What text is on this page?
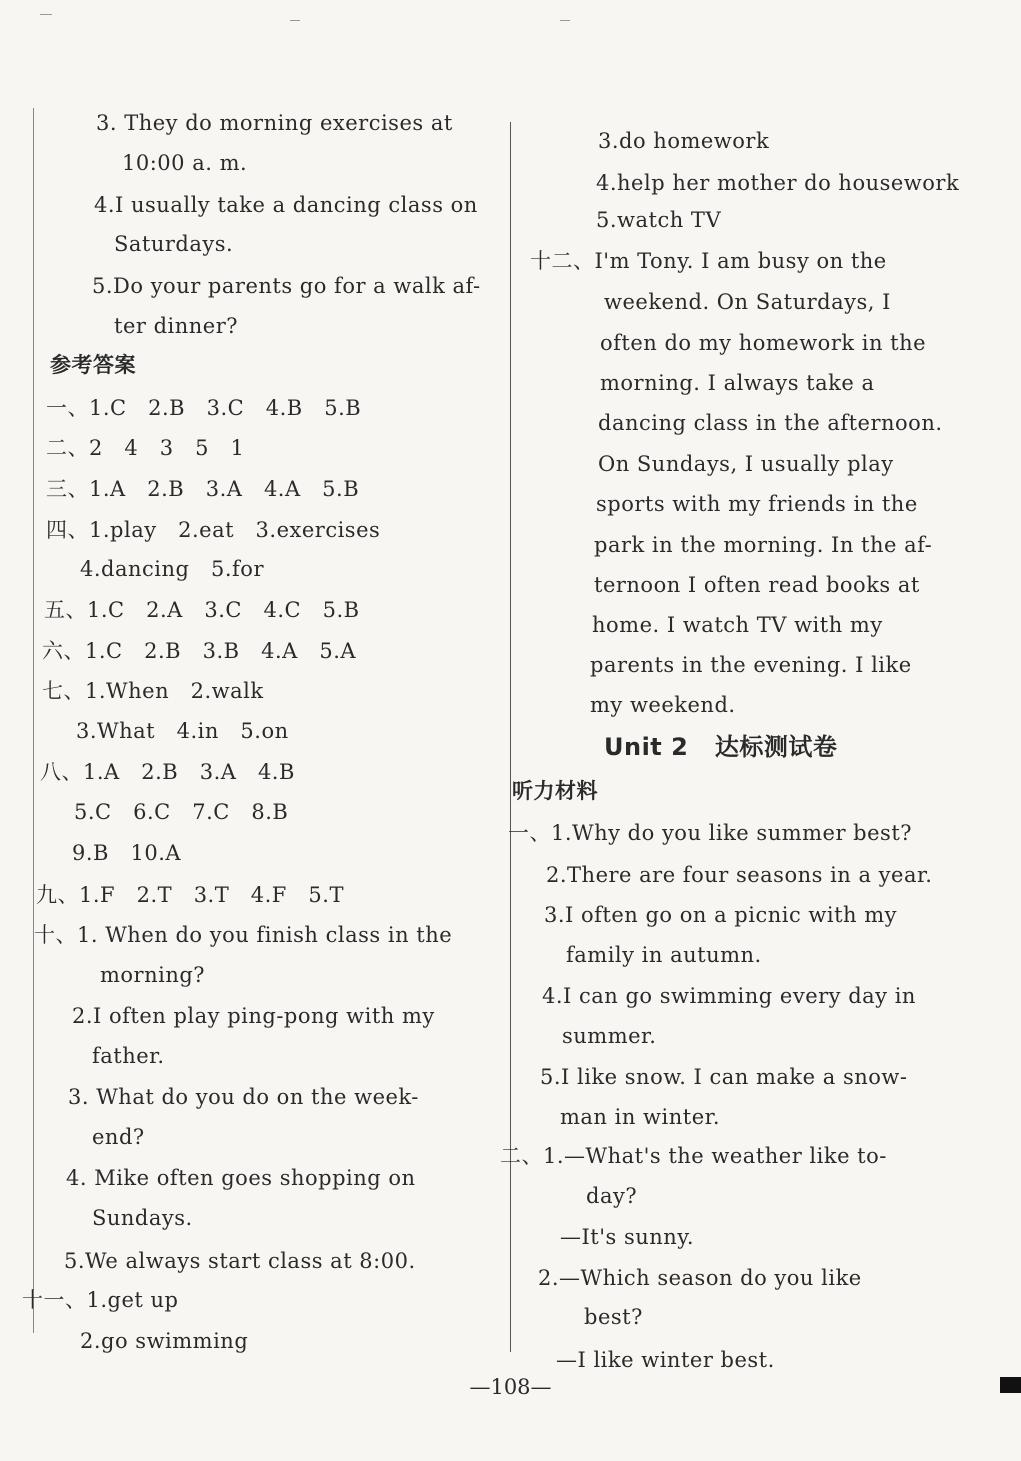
3. They do morning exercises at
10:00 a. m.
4.I usually take a dancing class on
Saturdays.
5.Do your parents go for a walk af-
ter dinner?
参考答案
一、1.C   2.B   3.C   4.B   5.B
二、2   4   3   5   1
三、1.A   2.B   3.A   4.A   5.B
四、1.play   2.eat   3.exercises
4.dancing   5.for
五、1.C   2.A   3.C   4.C   5.B
六、1.C   2.B   3.B   4.A   5.A
七、1.When   2.walk
3.What   4.in   5.on
八、1.A   2.B   3.A   4.B
5.C   6.C   7.C   8.B
9.B   10.A
九、1.F   2.T   3.T   4.F   5.T
十、1. When do you finish class in the
morning?
2.I often play ping-pong with my
father.
3. What do you do on the week-
end?
4. Mike often goes shopping on
Sundays.
5.We always start class at 8:00.
十一、1.get up
2.go swimming
3.do homework
4.help her mother do housework
5.watch TV
十二、I'm Tony. I am busy on the
weekend. On Saturdays, I
often do my homework in the
morning. I always take a
dancing class in the afternoon.
On Sundays, I usually play
sports with my friends in the
park in the morning. In the af-
ternoon I often read books at
home. I watch TV with my
parents in the evening. I like
my weekend.
Unit 2   达标测试卷
听力材料
一、1.Why do you like summer best?
2.There are four seasons in a year.
3.I often go on a picnic with my
family in autumn.
4.I can go swimming every day in
summer.
5.I like snow. I can make a snow-
man in winter.
二、1.—What's the weather like to-
day?
—It's sunny.
2.—Which season do you like
best?
—I like winter best.
—108—
